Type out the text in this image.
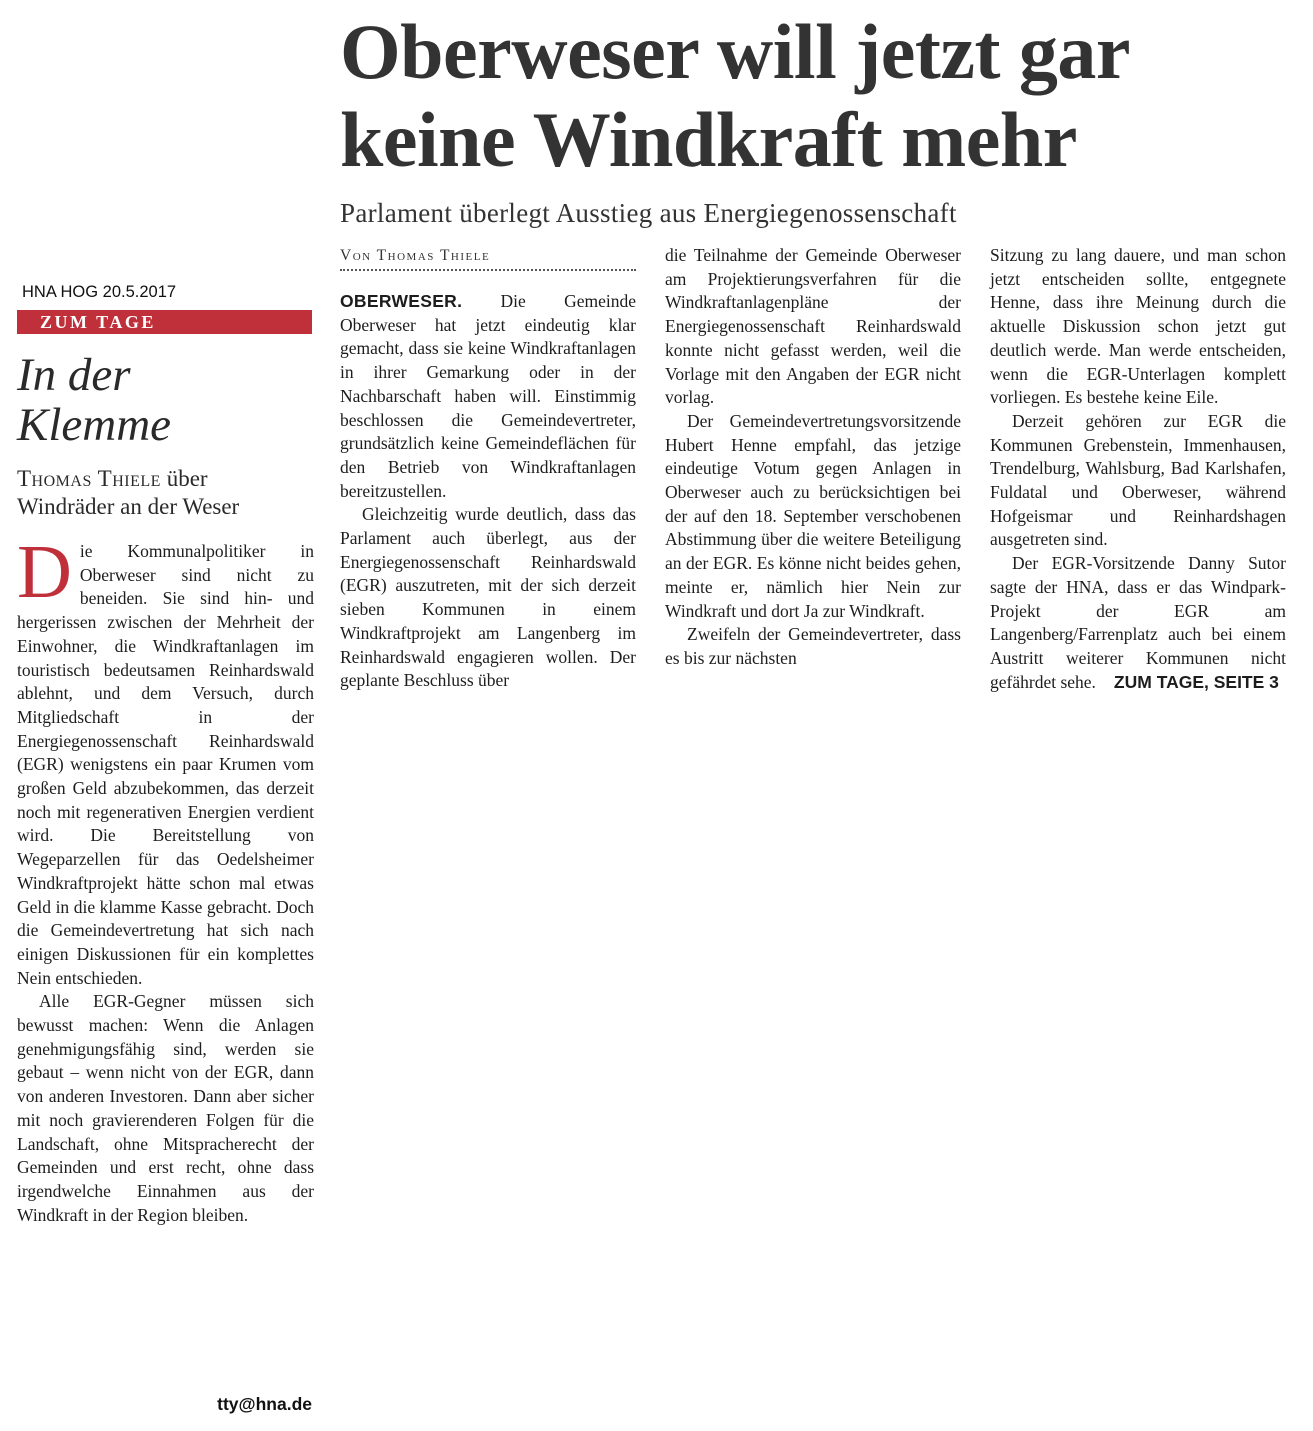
HNA HOG 20.5.2017
ZUM TAGE
In der
Klemme
Thomas Thiele über
Windräder an der Weser

Die Kommunalpolitiker in Oberweser sind nicht zu beneiden. Sie sind hin- und hergerissen zwischen der Mehrheit der Einwohner, die Windkraftanlagen im touristisch bedeutsamen Reinhardswald ablehnt, und dem Versuch, durch Mitgliedschaft in der Energiegenossenschaft Reinhardswald (EGR) wenigstens ein paar Krumen vom großen Geld abzubekommen, das derzeit noch mit regenerativen Energien verdient wird. Die Bereitstellung von Wegeparzellen für das Oedelsheimer Windkraftprojekt hätte schon mal etwas Geld in die klamme Kasse gebracht. Doch die Gemeindevertretung hat sich nach einigen Diskussionen für ein komplettes Nein entschieden.

Alle EGR-Gegner müssen sich bewusst machen: Wenn die Anlagen genehmigungsfähig sind, werden sie gebaut – wenn nicht von der EGR, dann von anderen Investoren. Dann aber sicher mit noch gravierenderen Folgen für die Landschaft, ohne Mitspracherecht der Gemeinden und erst recht, ohne dass irgendwelche Einnahmen aus der Windkraft in der Region bleiben.

tty@hna.de
Oberweser will jetzt gar
keine Windkraft mehr
Parlament überlegt Ausstieg aus Energiegenossenschaft
Von Thomas Thiele

OBERWESER. Die Gemeinde Oberweser hat jetzt eindeutig klar gemacht, dass sie keine Windkraftanlagen in ihrer Gemarkung oder in der Nachbarschaft haben will. Einstimmig beschlossen die Gemeindevertreter, grundsätzlich keine Gemeindeflächen für den Betrieb von Windkraftanlagen bereitzustellen.

Gleichzeitig wurde deutlich, dass das Parlament auch überlegt, aus der Energiegenossenschaft Reinhardswald (EGR) auszutreten, mit der sich derzeit sieben Kommunen in einem Windkraftprojekt am Langenberg im Reinhardswald engagieren wollen. Der geplante Beschluss über

die Teilnahme der Gemeinde Oberweser am Projektierungsverfahren für die Windkraftanlagenpläne der Energiegenossenschaft Reinhardswald konnte nicht gefasst werden, weil die Vorlage mit den Angaben der EGR nicht vorlag.

Der Gemeindevertretungsvorsitzende Hubert Henne empfahl, das jetzige eindeutige Votum gegen Anlagen in Oberweser auch zu berücksichtigen bei der auf den 18. September verschobenen Abstimmung über die weitere Beteiligung an der EGR. Es könne nicht beides gehen, meinte er, nämlich hier Nein zur Windkraft und dort Ja zur Windkraft.

Zweifeln der Gemeindevertreter, dass es bis zur nächsten

Sitzung zu lang dauere, und man schon jetzt entscheiden sollte, entgegnete Henne, dass ihre Meinung durch die aktuelle Diskussion schon jetzt gut deutlich werde. Man werde entscheiden, wenn die EGR-Unterlagen komplett vorliegen. Es bestehe keine Eile.

Derzeit gehören zur EGR die Kommunen Grebenstein, Immenhausen, Trendelburg, Wahlsburg, Bad Karlshafen, Fuldatal und Oberweser, während Hofgeismar und Reinhardshagen ausgetreten sind.

Der EGR-Vorsitzende Danny Sutor sagte der HNA, dass er das Windpark-Projekt der EGR am Langenberg/Farrenplatz auch bei einem Austritt weiterer Kommunen nicht gefährdet sehe. ZUM TAGE, SEITE 3
